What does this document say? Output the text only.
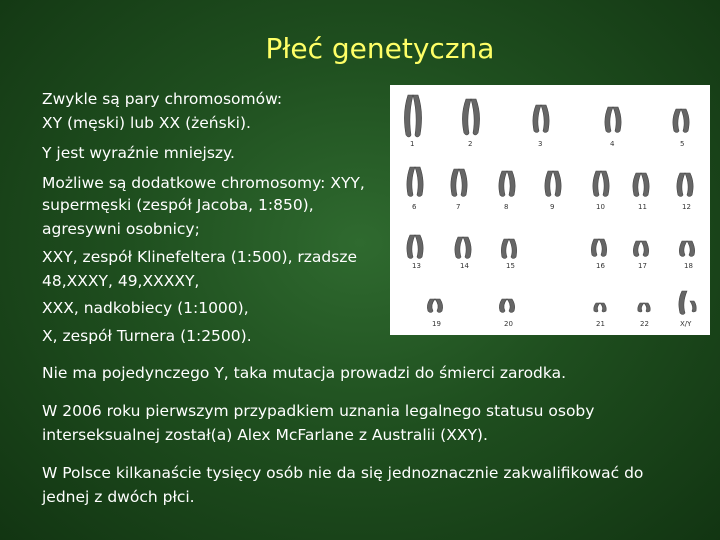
Płeć genetyczna
Zwykle są pary chromosomów:
XY (męski) lub XX (żeński).
Y jest wyraźnie mniejszy.
Możliwe są dodatkowe chromosomy: XYY,
supermęski (zespół Jacoba, 1:850),
agresywni osobnicy;
XXY, zespół Klinefeltera (1:500), rzadsze
48,XXXY, 49,XXXXY,
XXX, nadkobiecy (1:1000),
X, zespół Turnera (1:2500).
Nie ma pojedynczego Y, taka mutacja prowadzi do śmierci zarodka.
W 2006 roku pierwszym przypadkiem uznania legalnego statusu osoby
interseksualnej został(a) Alex McFarlane z Australii (XXY).
W Polsce kilkanaście tysięcy osób nie da się jednoznacznie zakwalifikować do
jednej z dwóch płci.
1	2	3	4	5
6	7	8	9	10	11	12
13	14	15	16	17	18
19	20	21	22	X/Y
